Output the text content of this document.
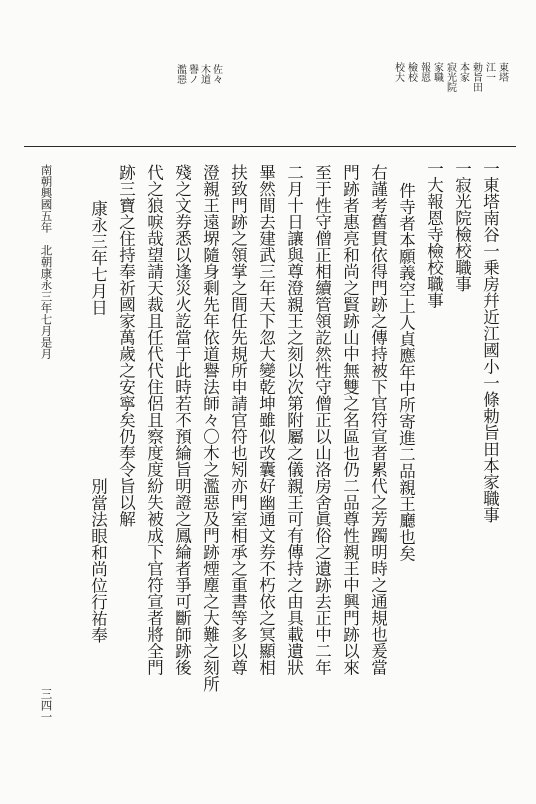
東塔
江一
勅旨田
本家
寂光院
家職
報恩
檢校
校大
佐々
木道
譽ノ
濫惡
一東塔南谷一乗房幷近江國小一條勅旨田本家職事
一寂光院檢校職事
一大報恩寺檢校職事
件寺者本願義空上人貞應年中所寄進二品親王廳也矣
右謹考舊貫依得門跡之傳持被下官符宣者累代之芳躅明時之通規也爰當
門跡者惠亮和尚之賢跡山中無雙之名區也仍二品尊性親王中興門跡以來
至于性守僧正相續管領訖然性守僧正以山洛房舍眞俗之遺跡去正中二年
二月十日讓與尊澄親王之刻以次第附屬之儀親王可有傳持之由具載遺狀
畢然間去建武三年天下忽大變乾坤雖似改囊好幽通文券不朽依之冥顯相
扶致門跡之領掌之間任先規所申請官符也矧亦門室相承之重書等多以尊
澄親王遠堺隨身剩先年依道譽法師々〇木之濫惡及門跡煙塵之大難之刻所
殘之文券悉以逢災火訖當于此時若不預綸旨明證之鳳綸者爭可斷師跡後
代之狼唳哉望請天裁且任代代住侶且察度度紛失被成下官符宣者將全門
跡三寶之住持奉祈國家萬歲之安寧矣仍奉令旨以解
康永三年七月日
別當法眼和尚位行祐奉
南朝興國五年　北朝康永三年七月是月
三四一
